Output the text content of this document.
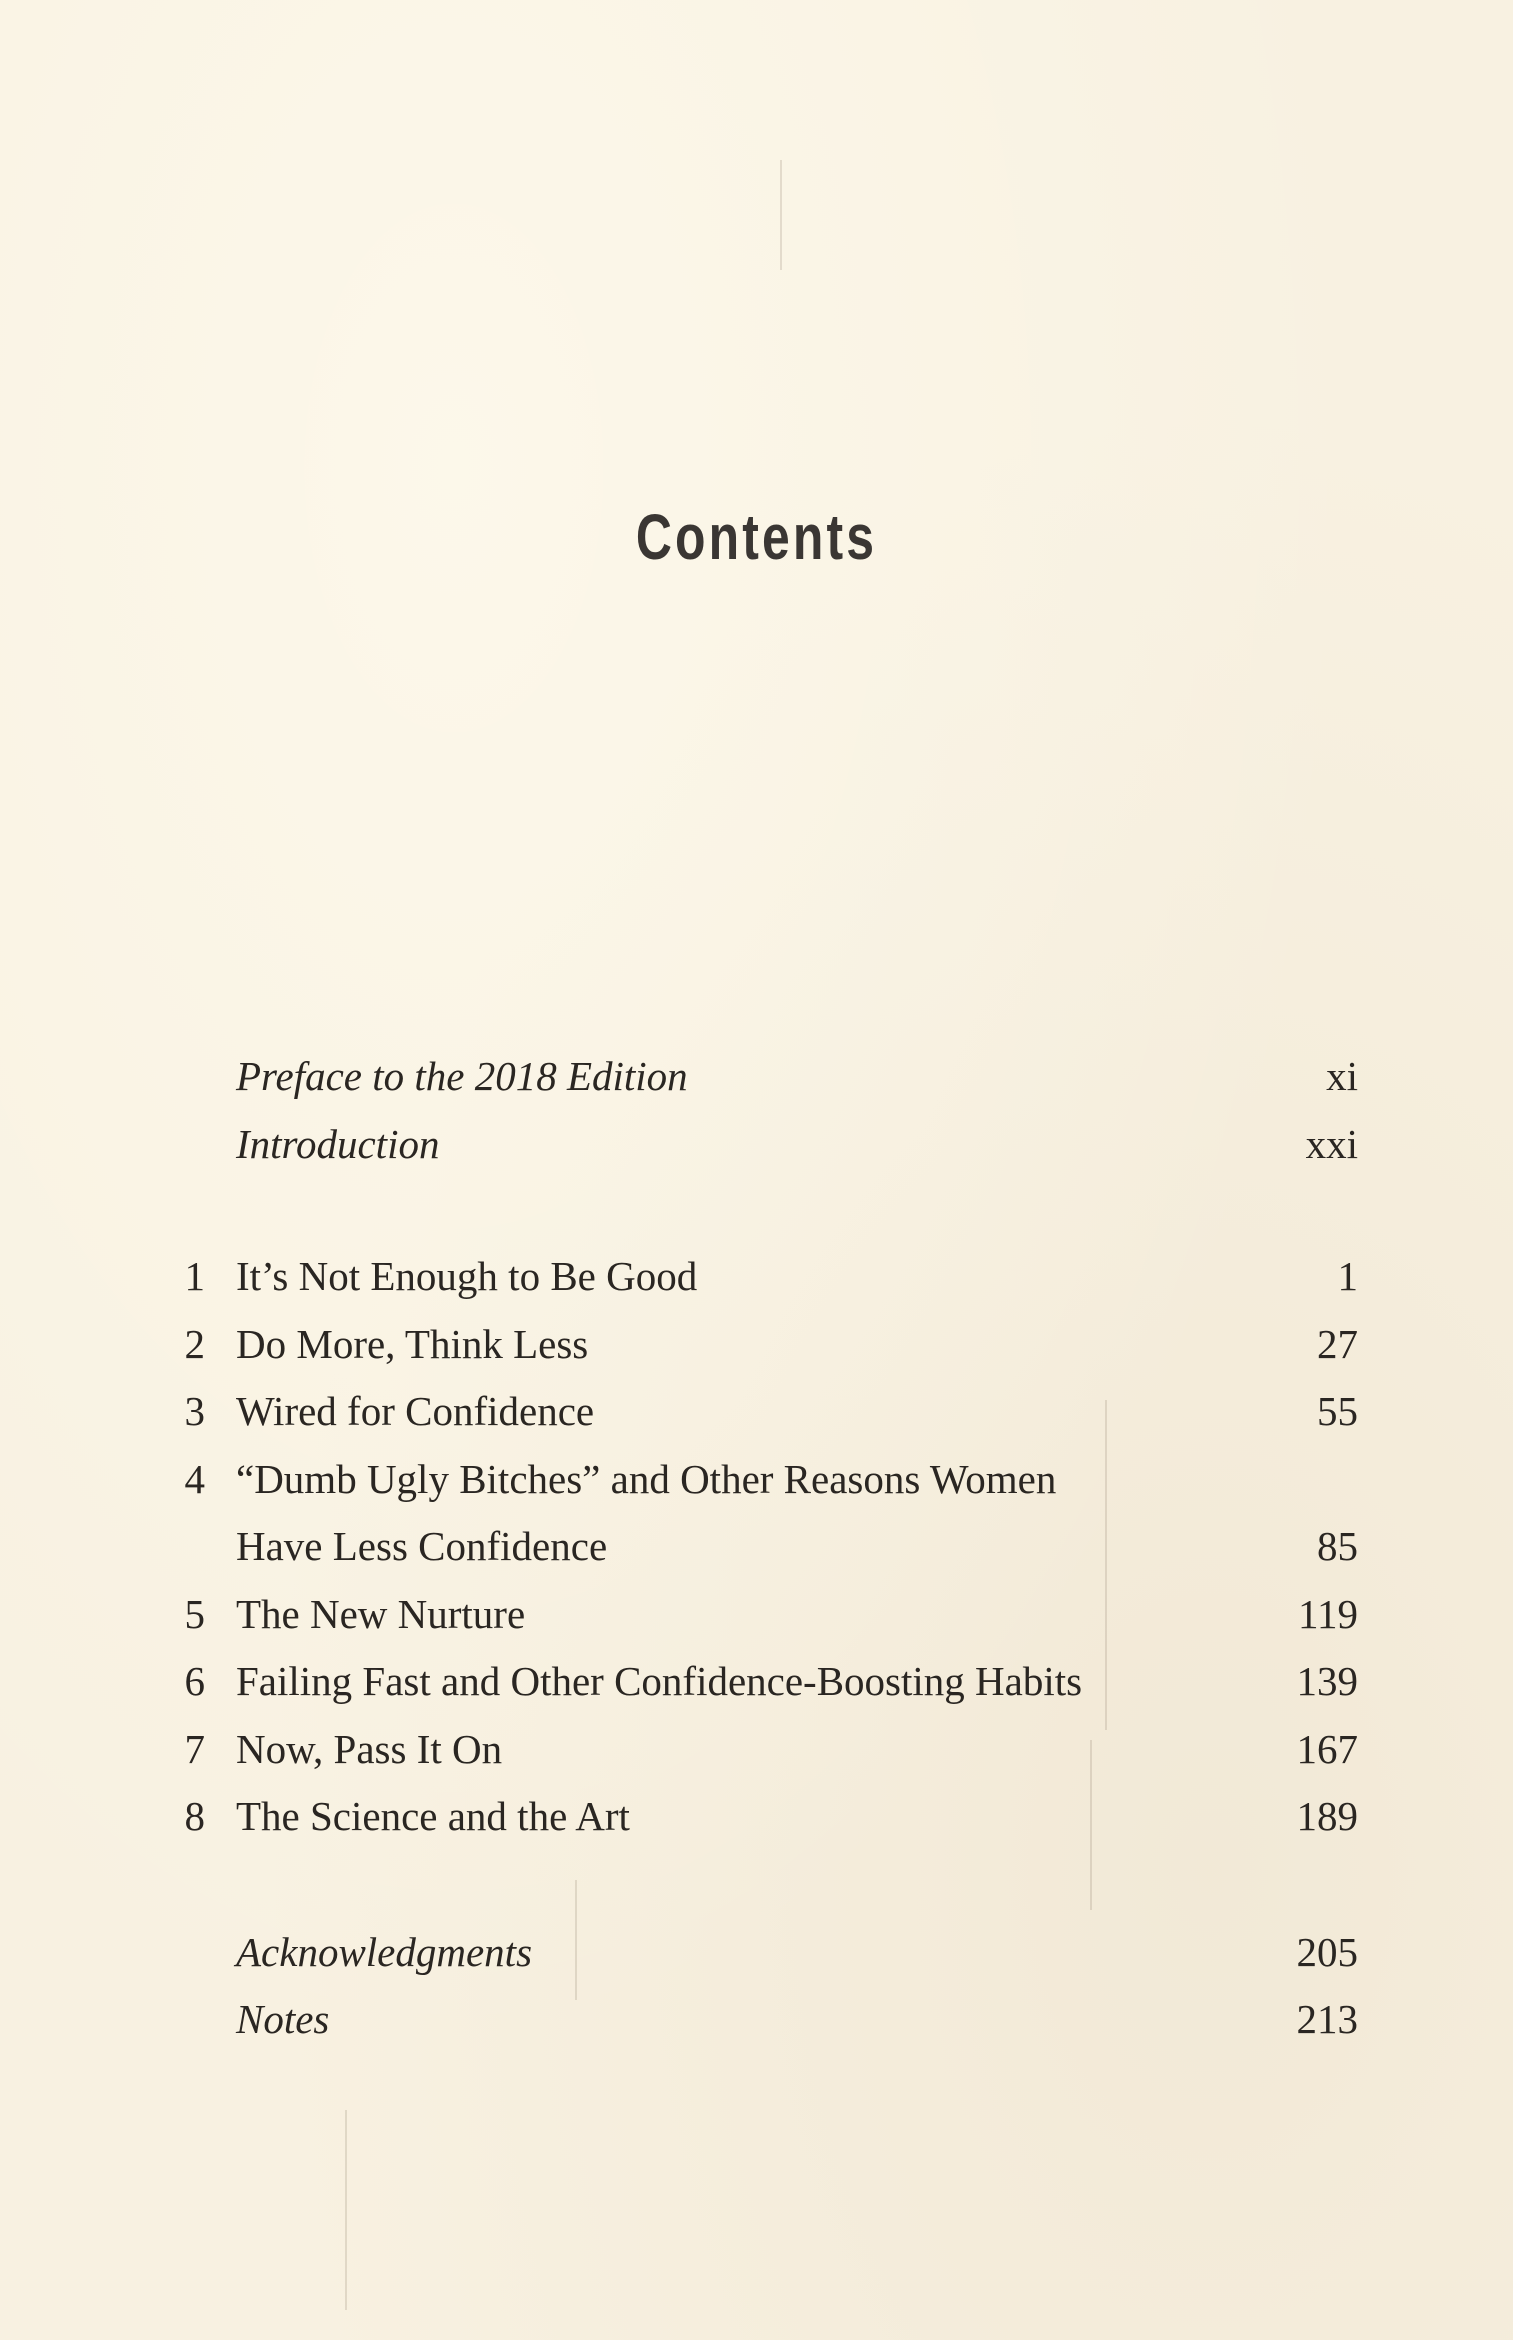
Contents
Preface to the 2018 Edition	xi
Introduction	xxi
1 It’s Not Enough to Be Good	1
2 Do More, Think Less	27
3 Wired for Confidence	55
4 “Dumb Ugly Bitches” and Other Reasons Women
Have Less Confidence	85
5 The New Nurture	119
6 Failing Fast and Other Confidence-Boosting Habits	139
7 Now, Pass It On	167
8 The Science and the Art	189
Acknowledgments	205
Notes	213
